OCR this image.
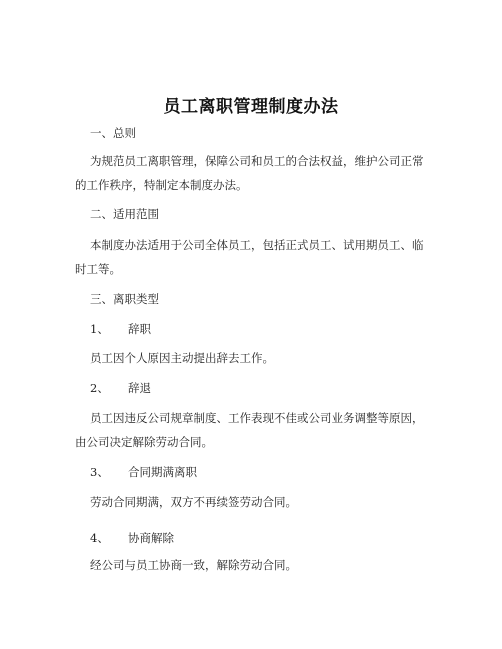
员工离职管理制度办法
一、总则
为规范员工离职管理，保障公司和员工的合法权益，维护公司正常
的工作秩序，特制定本制度办法。
二、适用范围
本制度办法适用于公司全体员工，包括正式员工、试用期员工、临
时工等。
三、离职类型
1、 辞职
员工因个人原因主动提出辞去工作。
2、 辞退
员工因违反公司规章制度、工作表现不佳或公司业务调整等原因，
由公司决定解除劳动合同。
3、 合同期满离职
劳动合同期满，双方不再续签劳动合同。
4、 协商解除
经公司与员工协商一致，解除劳动合同。
